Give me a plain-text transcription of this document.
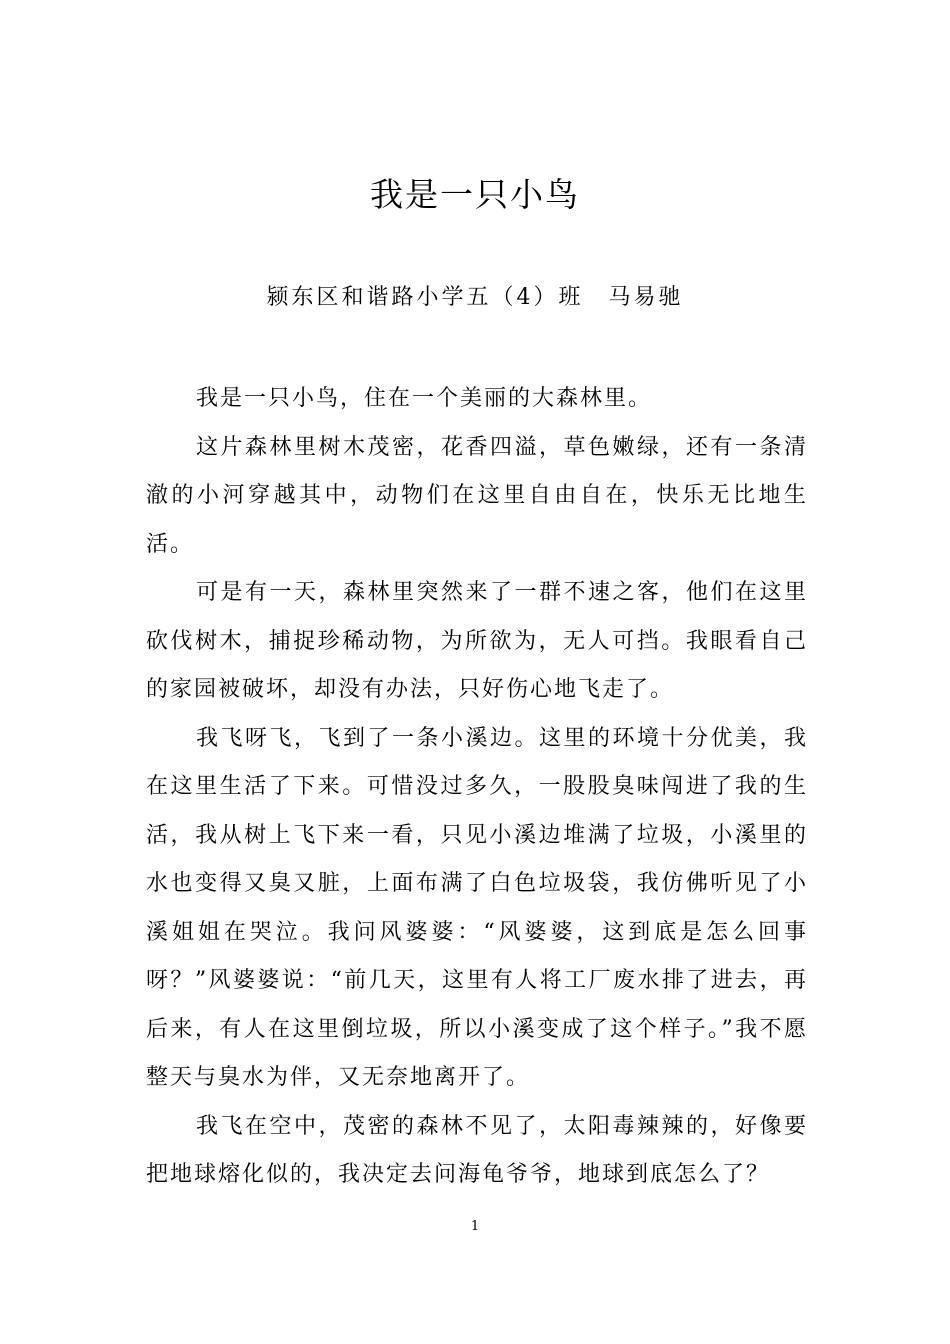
我是一只小鸟
颍东区和谐路小学五（4）班　马易驰

我是一只小鸟，住在一个美丽的大森林里。

这片森林里树木茂密，花香四溢，草色嫩绿，还有一条清澈的小河穿越其中，动物们在这里自由自在，快乐无比地生活。

可是有一天，森林里突然来了一群不速之客，他们在这里砍伐树木，捕捉珍稀动物，为所欲为，无人可挡。我眼看自己的家园被破坏，却没有办法，只好伤心地飞走了。

我飞呀飞，飞到了一条小溪边。这里的环境十分优美，我在这里生活了下来。可惜没过多久，一股股臭味闯进了我的生活，我从树上飞下来一看，只见小溪边堆满了垃圾，小溪里的水也变得又臭又脏，上面布满了白色垃圾袋，我仿佛听见了小溪姐姐在哭泣。我问风婆婆：“风婆婆，这到底是怎么回事呀？”风婆婆说：“前几天，这里有人将工厂废水排了进去，再后来，有人在这里倒垃圾，所以小溪变成了这个样子。”我不愿整天与臭水为伴，又无奈地离开了。

我飞在空中，茂密的森林不见了，太阳毒辣辣的，好像要把地球熔化似的，我决定去问海龟爷爷，地球到底怎么了？

1
